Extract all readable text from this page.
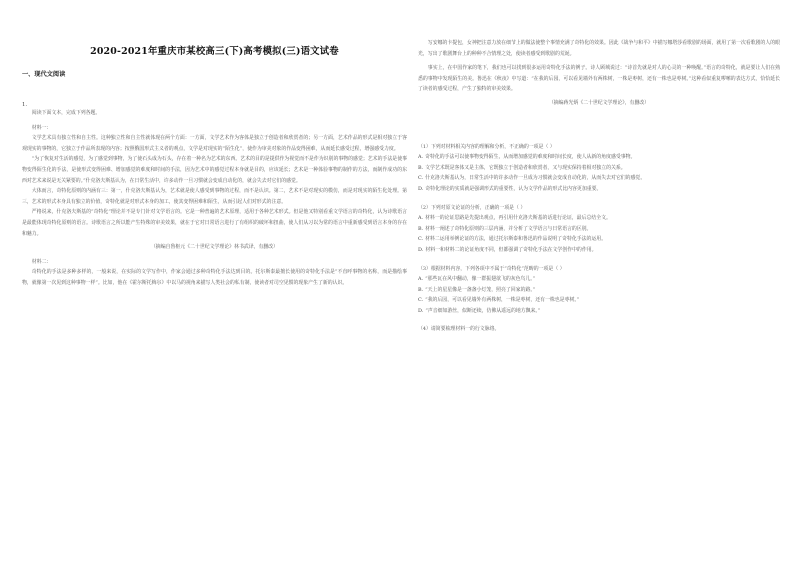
2020-2021年重庆市某校高三(下)高考模拟(三)语文试卷
一、现代文阅读
1.

阅读下面文本，完成下列各题。

材料一：

文学艺术具有独立性和自主性。这种独立性和自主性就体现在两个方面：一方面，文学艺术作为客体是独立于创造者和欣赏者的；另一方面，艺术作品的形式是相对独立于客观现实的事物的，它独立于作品所表现的内容；按照俄国形式主义者的观点，文学是对现实的“陌生化”，使作为审美对象的作品变得困难，从而延长感受过程，增强感受力度。

“为了恢复对生活的感觉，为了感觉到事物，为了使石头成为石头，存在着一种名为艺术的东西。艺术的目的是提供作为视觉而不是作为识别的事物的感觉；艺术的手法是使事物变得陌生化的手法，是使形式变得困难、增加感觉的难度和时间的手法，因为艺术中的感觉过程本身就是目的，应该延长；艺术是一种体验事物的制作的方法，而制作成功的东西对艺术来说是无关紧要的。”什克洛夫斯基认为，在日常生活中，许多动作一旦习惯就会变成自动化的，就会失去对它们的感觉。

大体而言，奇特化原则的内涵有三：第一，什克洛夫斯基认为，艺术就是使人感受到事物的过程，而不是认识。第二，艺术不是对现实的模仿，而是对现实的陌生化处理。第三，艺术的形式本身具有独立的价值，奇特化就是对形式本身的加工，使其变得困难和陌生，从而引起人们对形式的注意。

严格说来，什克洛夫斯基的“奇特化”理论并不是专门针对文学语言的。它是一种普遍的艺术原理，适用于各种艺术形式。但是他又特别看重文学语言的奇特化，认为诗歌语言是最能体现奇特化原则的语言。诗歌语言之所以能产生特殊的审美效果，就在于它对日常语言进行了有组织的破坏和扭曲，使人们从习以为常的语言中重新感受到语言本身的存在和魅力。

（摘编自鲁枢元《二十世纪文学理论》林书武译，有删改）

材料二：

奇特化的手法是多种多样的，一般来说，在实际的文学写作中，作家会通过多种奇特化手法达到目的。托尔斯泰最擅长使用的奇特化手法是“不直呼事物的名称，而是描绘事物，就像第一次见到这种事物一样”。比如，他在《霍尔斯托梅尔》中以马的视角来描写人类社会的私有制，使读者对司空见惯的现象产生了新的认识。

写安娜的卡提包，女神把注意力放在细节上的做法使整个事情充满了奇特化的效果。因此《战争与和平》中描写娜塔莎看歌剧的场面，就用了第一次看歌剧的人的眼光，写出了歌剧舞台上的种种不合情理之处，使读者感受到歌剧的荒诞。

事实上，在中国作家的笔下，我们也可以找到很多运用奇特化手法的例子。诗人顾城说过：“诗首先就是对人的心灵的一种唤醒。”语言的奇特化，就是要让人们在熟悉的事物中发现陌生的美。鲁迅在《秋夜》中写道：“在我的后园，可以看见墙外有两株树，一株是枣树，还有一株也是枣树。”这种看似重复啰嗦的表达方式，恰恰延长了读者的感受过程，产生了独特的审美效果。

（摘编蒋光炳《二十世纪文学理论》，有删改）

（1）下列对材料相关内容的理解和分析，不正确的一项是（ ）

A. 奇特化的手法可以使事物变得陌生，从而增加感觉的难度和时间长度，使人从新的角度感受事物。

B. 文学艺术既是客体又是主体，它既独立于创造者和欣赏者，又与现实保持着相对独立的关系。

C. 什克洛夫斯基认为，日常生活中的许多动作一旦成为习惯就会变成自动化的，从而失去对它们的感觉。

D. 奇特化理论的实质就是强调形式的重要性，认为文学作品的形式比内容更加重要。

（2）下列对原文论证的分析，正确的一项是（ ）

A. 材料一的论证思路是先提出观点，再引用什克洛夫斯基的话进行论证，最后总结全文。

B. 材料一阐述了奇特化原则的三层内涵，并分析了文学语言与日常语言的区别。

C. 材料二运用举例论证的方法，通过托尔斯泰和鲁迅的作品说明了奇特化手法的运用。

D. 材料一和材料二的论证角度不同，但都强调了奇特化手法在文学创作中的作用。

（3）根据材料内容，下列各项中不属于“奇特化”范畴的一项是（ ）

A. “那些瓦在风中翻动，像一群振翅欲飞的灰色鸟儿。”

B. “天上的星星像是一盏盏小灯笼，照亮了回家的路。”

C. “我的后园，可以看见墙外有两株树，一株是枣树，还有一株也是枣树。”

D. “声音细如游丝，似断还续，仿佛从遥远的地方飘来。”

（4）请简要梳理材料一的行文脉络。
